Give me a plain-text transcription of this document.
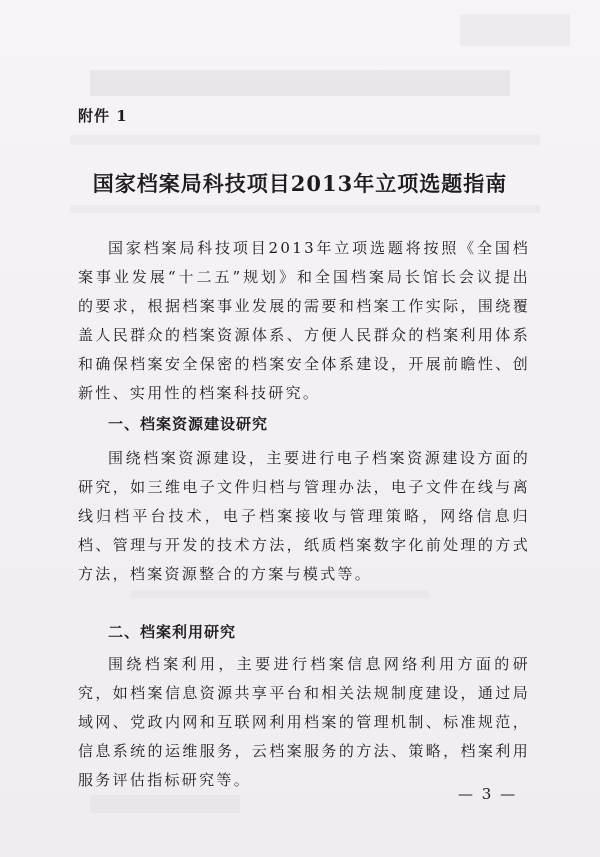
附件 1
国家档案局科技项目2013年立项选题指南

国家档案局科技项目2013年立项选题将按照《全国档案事业发展“十二五”规划》和全国档案局长馆长会议提出的要求，根据档案事业发展的需要和档案工作实际，围绕覆盖人民群众的档案资源体系、方便人民群众的档案利用体系和确保档案安全保密的档案安全体系建设，开展前瞻性、创新性、实用性的档案科技研究。

一、档案资源建设研究

围绕档案资源建设，主要进行电子档案资源建设方面的研究，如三维电子文件归档与管理办法，电子文件在线与离线归档平台技术，电子档案接收与管理策略，网络信息归档、管理与开发的技术方法，纸质档案数字化前处理的方式方法，档案资源整合的方案与模式等。

二、档案利用研究

围绕档案利用，主要进行档案信息网络利用方面的研究，如档案信息资源共享平台和相关法规制度建设，通过局域网、党政内网和互联网利用档案的管理机制、标准规范，信息系统的运维服务，云档案服务的方法、策略，档案利用服务评估指标研究等。

— 3 —
